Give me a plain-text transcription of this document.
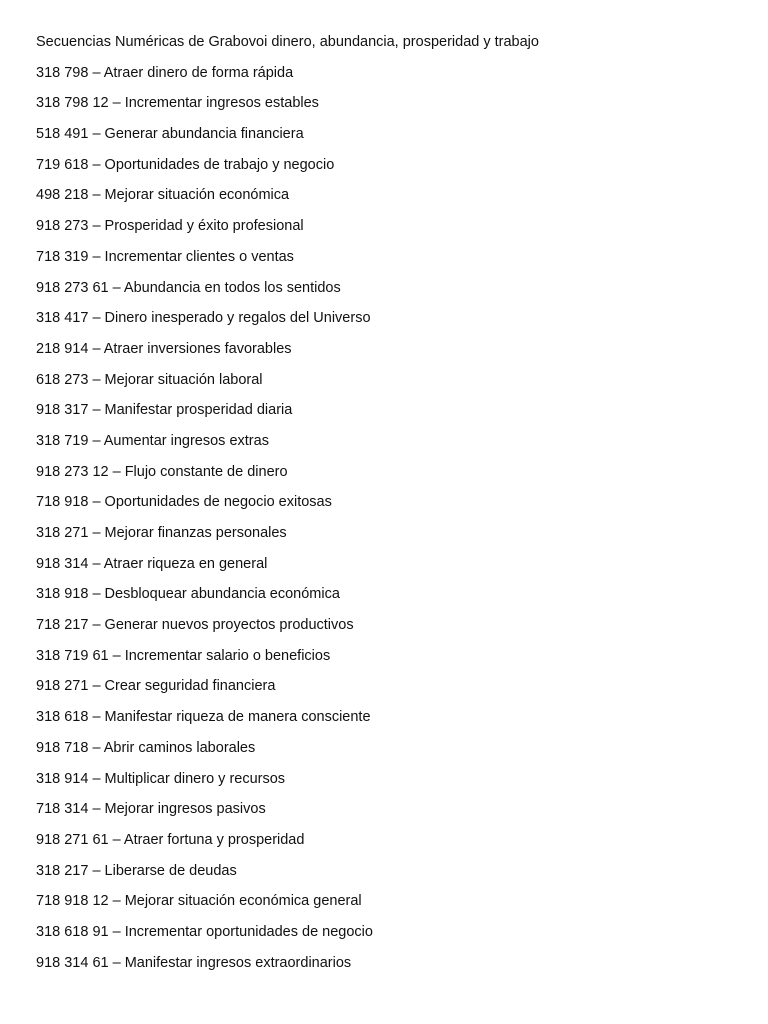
Secuencias Numéricas de Grabovoi dinero, abundancia, prosperidad y trabajo

318 798 – Atraer dinero de forma rápida
318 798 12 – Incrementar ingresos estables
518 491 – Generar abundancia financiera
719 618 – Oportunidades de trabajo y negocio
498 218 – Mejorar situación económica
918 273 – Prosperidad y éxito profesional
718 319 – Incrementar clientes o ventas
918 273 61 – Abundancia en todos los sentidos
318 417 – Dinero inesperado y regalos del Universo
218 914 – Atraer inversiones favorables
618 273 – Mejorar situación laboral
918 317 – Manifestar prosperidad diaria
318 719 – Aumentar ingresos extras
918 273 12 – Flujo constante de dinero
718 918 – Oportunidades de negocio exitosas
318 271 – Mejorar finanzas personales
918 314 – Atraer riqueza en general
318 918 – Desbloquear abundancia económica
718 217 – Generar nuevos proyectos productivos
318 719 61 – Incrementar salario o beneficios
918 271 – Crear seguridad financiera
318 618 – Manifestar riqueza de manera consciente
918 718 – Abrir caminos laborales
318 914 – Multiplicar dinero y recursos
718 314 – Mejorar ingresos pasivos
918 271 61 – Atraer fortuna y prosperidad
318 217 – Liberarse de deudas
718 918 12 – Mejorar situación económica general
318 618 91 – Incrementar oportunidades de negocio
918 314 61 – Manifestar ingresos extraordinarios
